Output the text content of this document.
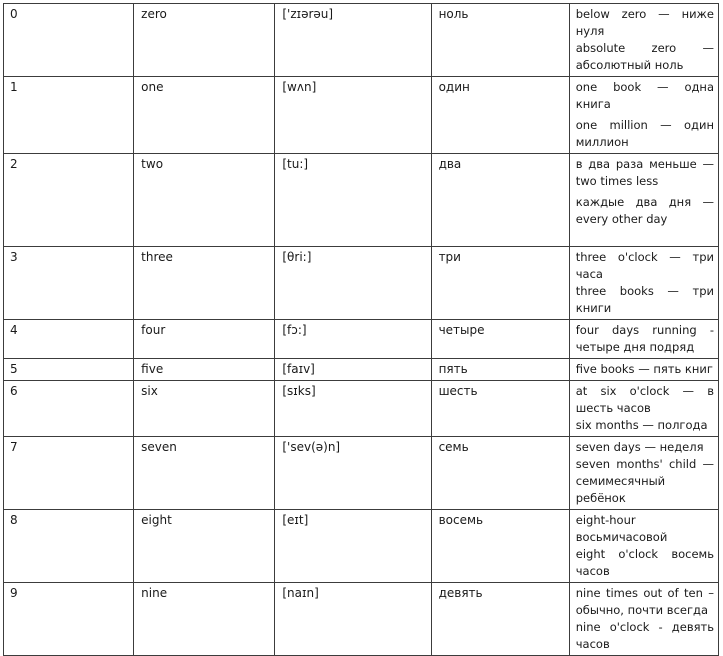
0	zero	['zɪərəu]	ноль	below zero — ниже нуля
absolute zero — абсолютный ноль

1	one	[wʌn]	один	one book — одна книга
one million — один миллион

2	two	[tu:]	два	в два раза меньше — two times less
каждые два дня — every other day

3	three	[θri:]	три	three o'clock — три часа
three books — три книги

4	four	[fɔ:]	четыре	four days running - четыре дня подряд

5	five	[faɪv]	пять	five books — пять книг

6	six	[sɪks]	шесть	at six o'clock — в шесть часов
six months — полгода

7	seven	['sev(ə)n]	семь	seven days — неделя
seven months' child — семимесячный ребёнок

8	eight	[eɪt]	восемь	eight-hour восьмичасовой
eight o'clock восемь часов

9	nine	[naɪn]	девять	nine times out of ten – обычно, почти всегда
nine o'clock - девять часов
